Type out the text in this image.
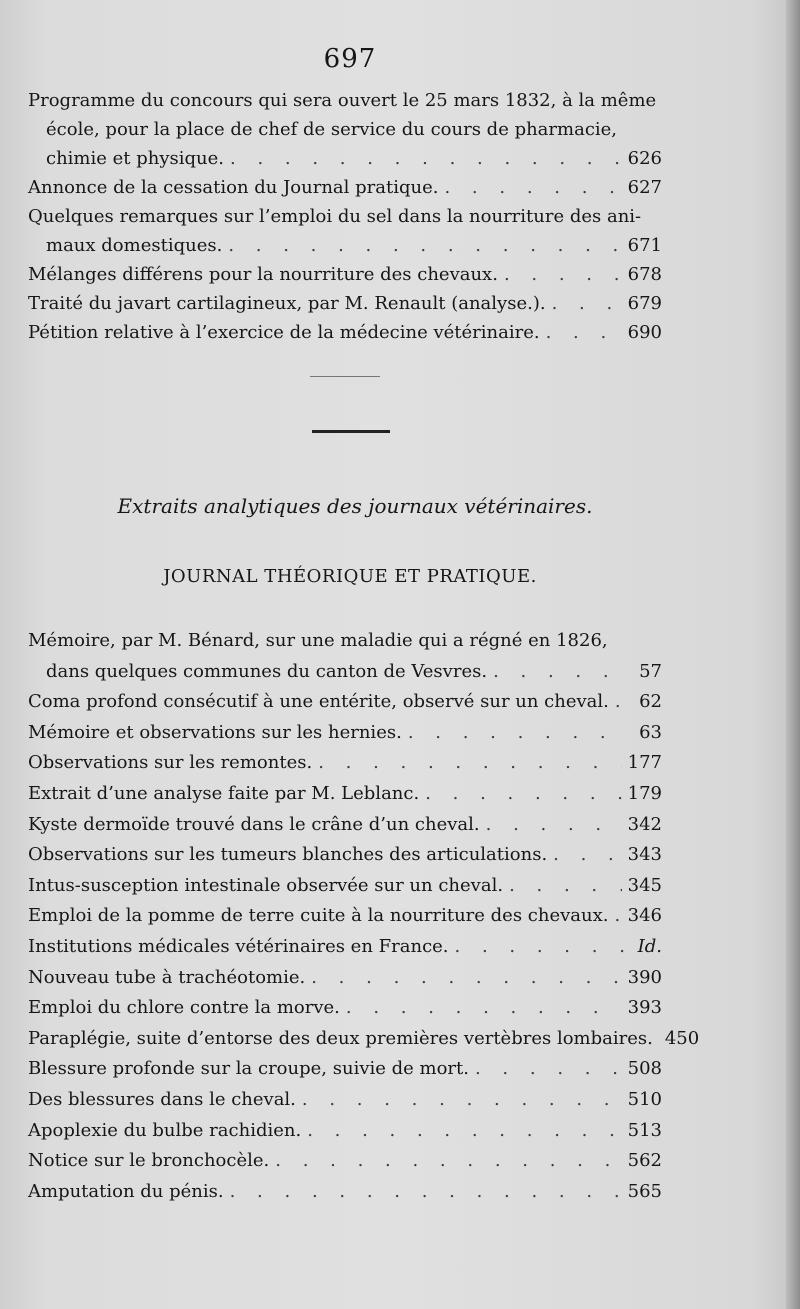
697
Programme du concours qui sera ouvert le 25 mars 1832, à la même
école, pour la place de chef de service du cours de pharmacie,
chimie et physique. . . .	626
Annonce de la cessation du Journal pratique. . . .	627
Quelques remarques sur l’emploi du sel dans la nourriture des ani-
maux domestiques. . . .	671
Mélanges différens pour la nourriture des chevaux. . . .	678
Traité du javart cartilagineux, par M. Renault (analyse.). . . .	679
Pétition relative à l’exercice de la médecine vétérinaire. . . .	690
Extraits analytiques des journaux vétérinaires.
JOURNAL THÉORIQUE ET PRATIQUE.
Mémoire, par M. Bénard, sur une maladie qui a régné en 1826,
dans quelques communes du canton de Vesvres. . . .	57
Coma profond consécutif à une entérite, observé sur un cheval. . . .	62
Mémoire et observations sur les hernies. . . .	63
Observations sur les remontes. . . .	177
Extrait d’une analyse faite par M. Leblanc. . . .	179
Kyste dermoïde trouvé dans le crâne d’un cheval. . . .	342
Observations sur les tumeurs blanches des articulations. . . .	343
Intus-susception intestinale observée sur un cheval. . . .	345
Emploi de la pomme de terre cuite à la nourriture des chevaux. . . . 346
Institutions médicales vétérinaires en France. . . .	Id.
Nouveau tube à trachéotomie. . . .	390
Emploi du chlore contre la morve. . . .	393
Paraplégie, suite d’entorse des deux premières vertèbres lombaires. 450
Blessure profonde sur la croupe, suivie de mort. . . .	508
Des blessures dans le cheval. . . .	510
Apoplexie du bulbe rachidien. . . .	513
Notice sur le bronchocèle. . . .	562
Amputation du pénis. . . .	565
